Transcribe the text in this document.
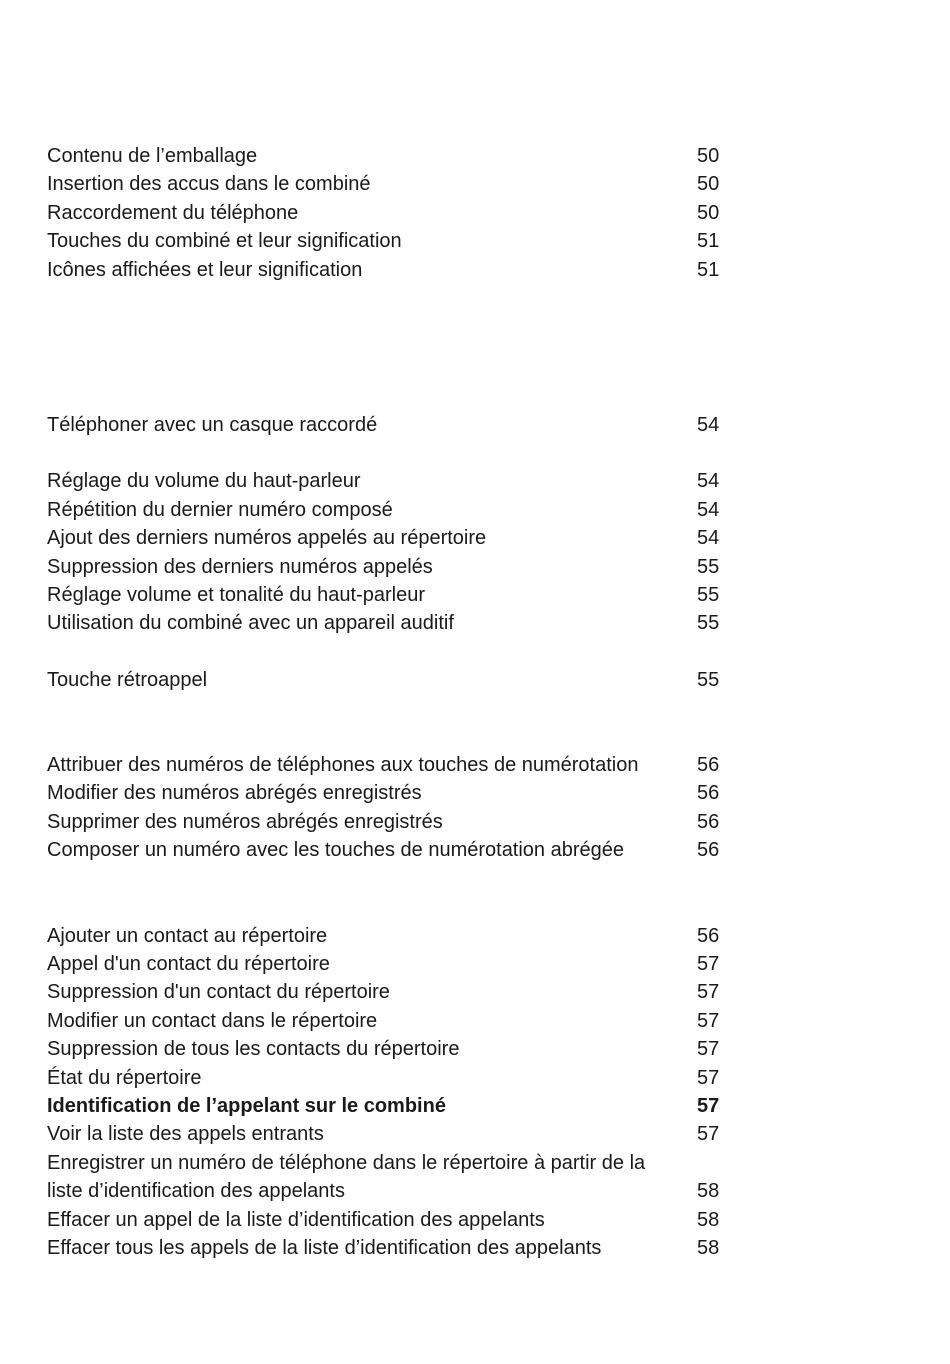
Contenu de l’emballage	50
Insertion des accus dans le combiné	50
Raccordement du téléphone	50
Touches du combiné et leur signification	51
Icônes affichées et leur signification	51
Téléphoner avec un casque raccordé	54
Réglage du volume du haut-parleur	54
Répétition du dernier numéro composé	54
Ajout des derniers numéros appelés au répertoire	54
Suppression des derniers numéros appelés	55
Réglage volume et tonalité du haut-parleur	55
Utilisation du combiné avec un appareil auditif	55
Touche rétroappel	55
Attribuer des numéros de téléphones aux touches de numérotation	56
Modifier des numéros abrégés enregistrés	56
Supprimer des numéros abrégés enregistrés	56
Composer un numéro avec les touches de numérotation abrégée	56
Ajouter un contact au répertoire	56
Appel d'un contact du répertoire	57
Suppression d'un contact du répertoire	57
Modifier un contact dans le répertoire	57
Suppression de tous les contacts du répertoire	57
État du répertoire	57
Identification de l’appelant sur le combiné	57
Voir la liste des appels entrants	57
Enregistrer un numéro de téléphone dans le répertoire à partir de la liste d’identification des appelants	58
Effacer un appel de la liste d’identification des appelants	58
Effacer tous les appels de la liste d’identification des appelants	58
